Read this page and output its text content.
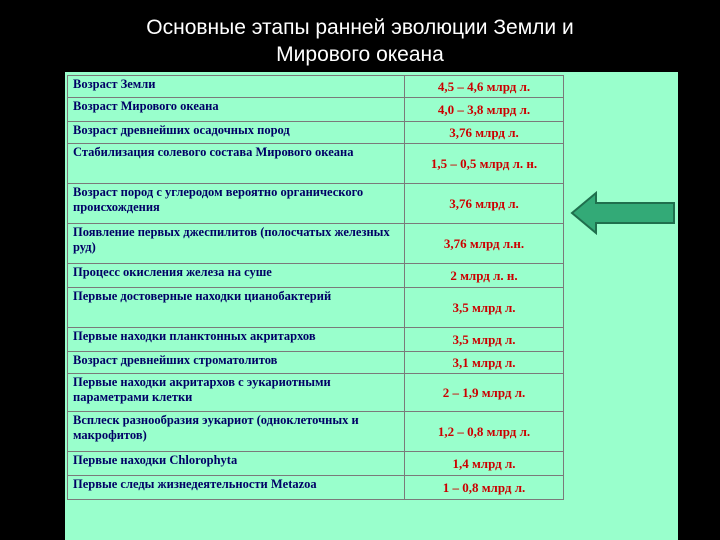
Основные этапы ранней эволюции Земли и
Мирового океана
Возраст Земли	4,5 – 4,6 млрд л.
Возраст Мирового океана	4,0 – 3,8 млрд л.
Возраст древнейших осадочных пород	3,76 млрд л.
Стабилизация солевого состава Мирового океана	1,5 – 0,5 млрд л. н.
Возраст пород с углеродом вероятно органического происхождения	3,76 млрд л.
Появление первых джеспилитов (полосчатых железных руд)	3,76 млрд л.н.
Процесс окисления железа на суше	2 млрд л. н.
Первые достоверные находки цианобактерий	3,5 млрд л.
Первые находки планктонных акритархов	3,5 млрд л.
Возраст древнейших строматолитов	3,1 млрд л.
Первые находки акритархов с эукариотными параметрами клетки	2 – 1,9 млрд л.
Всплеск разнообразия эукариот (одноклеточных и макрофитов)	1,2 – 0,8 млрд л.
Первые находки Chlorophyta	1,4 млрд л.
Первые следы жизнедеятельности Metazoa	1 – 0,8 млрд л.
